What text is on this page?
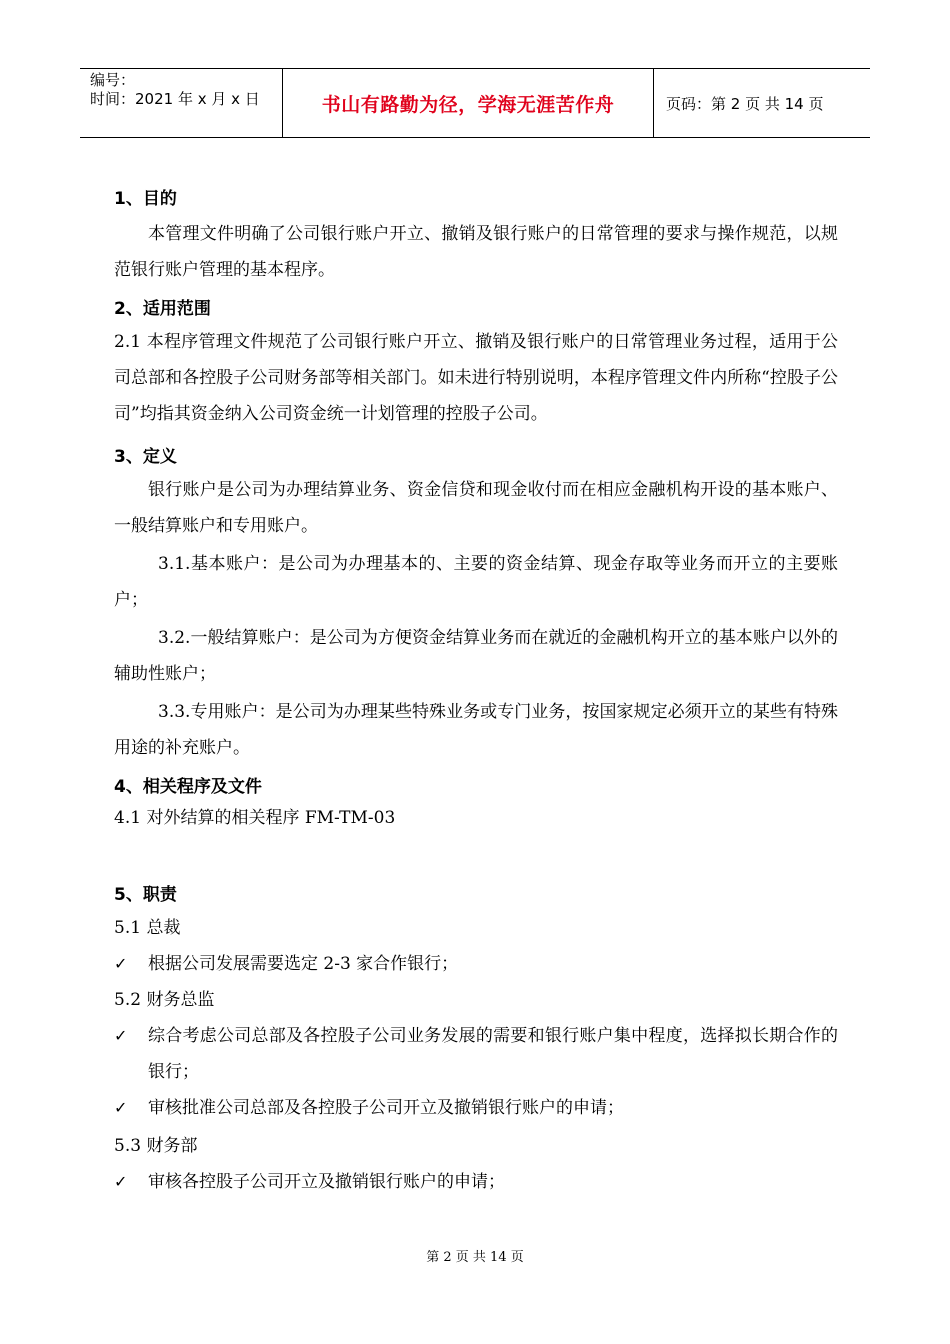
编号：
时间：2021 年 x 月 x 日	书山有路勤为径，学海无涯苦作舟	页码：第 2 页 共 14 页
1、目的
本管理文件明确了公司银行账户开立、撤销及银行账户的日常管理的要求与操作规范，以规范银行账户管理的基本程序。
2、适用范围
2.1 本程序管理文件规范了公司银行账户开立、撤销及银行账户的日常管理业务过程，适用于公司总部和各控股子公司财务部等相关部门。如未进行特别说明，本程序管理文件内所称“控股子公司”均指其资金纳入公司资金统一计划管理的控股子公司。
3、定义
银行账户是公司为办理结算业务、资金信贷和现金收付而在相应金融机构开设的基本账户、一般结算账户和专用账户。
3.1.基本账户：是公司为办理基本的、主要的资金结算、现金存取等业务而开立的主要账户；
3.2.一般结算账户：是公司为方便资金结算业务而在就近的金融机构开立的基本账户以外的辅助性账户；
3.3.专用账户：是公司为办理某些特殊业务或专门业务，按国家规定必须开立的某些有特殊用途的补充账户。
4、相关程序及文件
4.1 对外结算的相关程序 FM-TM-03
5、职责
5.1 总裁
✓ 根据公司发展需要选定 2-3 家合作银行；
5.2 财务总监
✓ 综合考虑公司总部及各控股子公司业务发展的需要和银行账户集中程度，选择拟长期合作的银行；
✓ 审核批准公司总部及各控股子公司开立及撤销银行账户的申请；
5.3 财务部
✓ 审核各控股子公司开立及撤销银行账户的申请；
第 2 页 共 14 页
